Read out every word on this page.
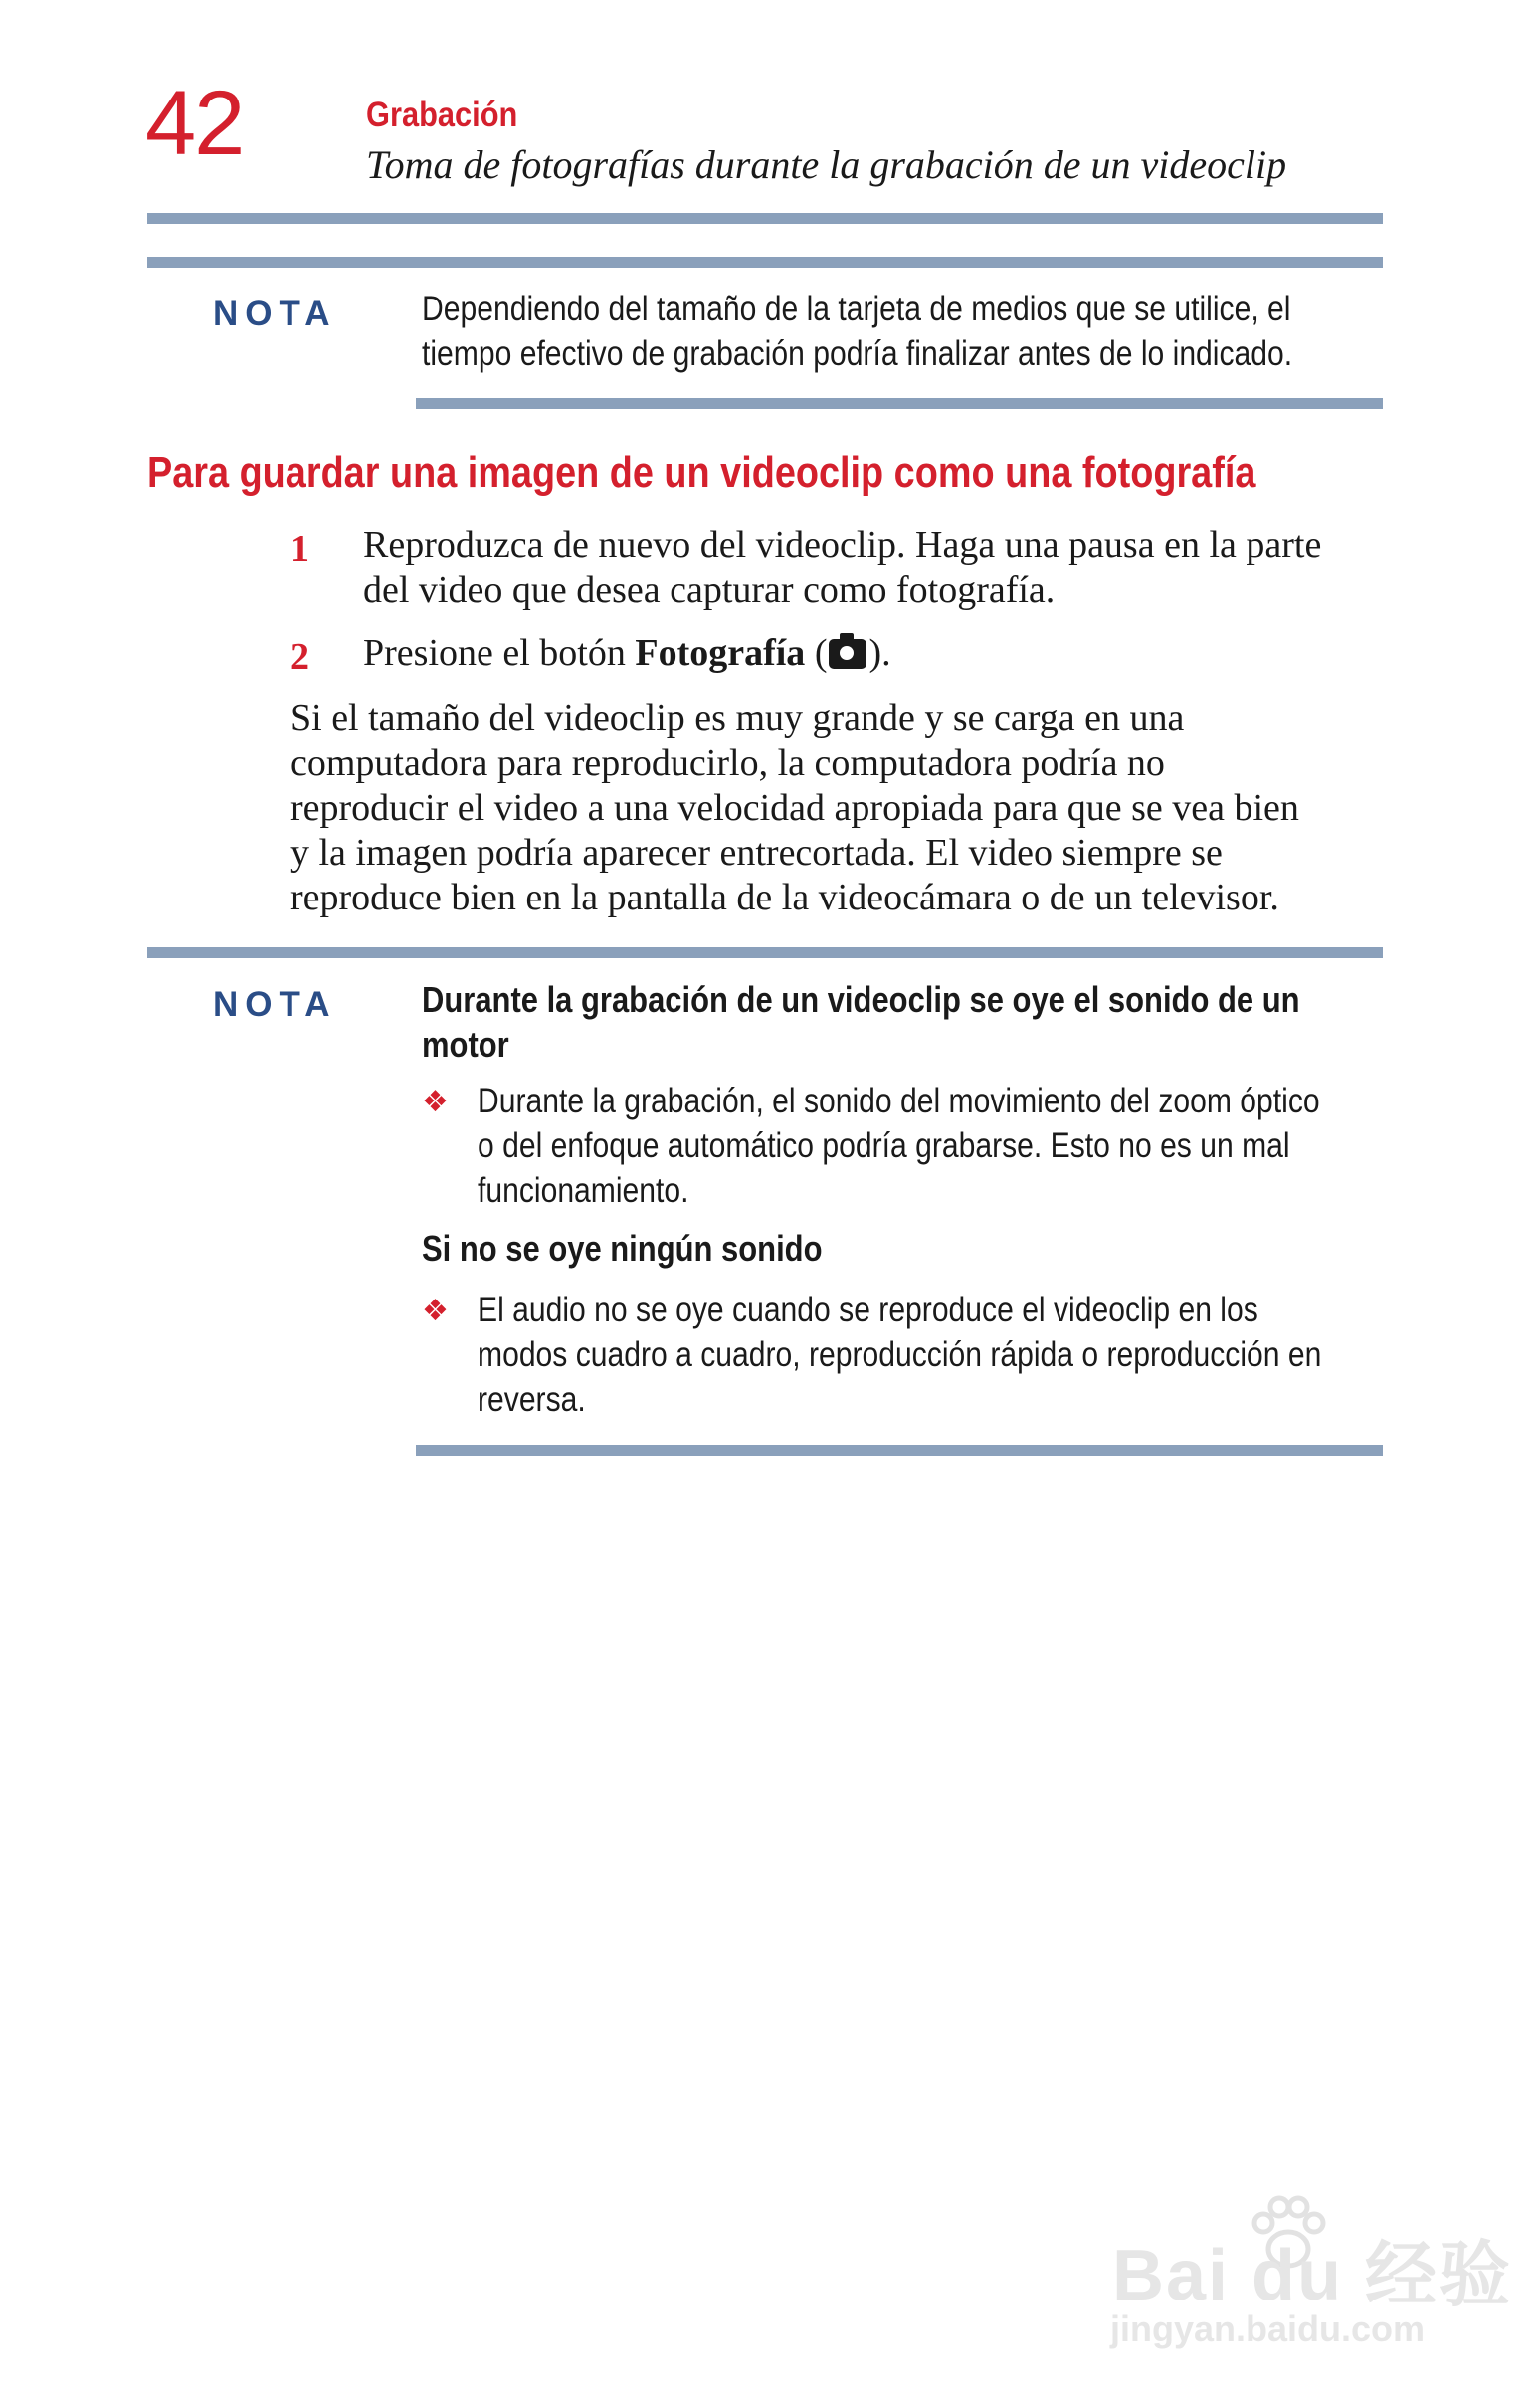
42	Grabación
Toma de fotografías durante la grabación de un videoclip
NOTA Dependiendo del tamaño de la tarjeta de medios que se utilice, el
tiempo efectivo de grabación podría finalizar antes de lo indicado.
Para guardar una imagen de un videoclip como una fotografía
1 Reproduzca de nuevo del videoclip. Haga una pausa en la parte
del video que desea capturar como fotografía.
2 Presione el botón Fotografía ( ).
Si el tamaño del videoclip es muy grande y se carga en una
computadora para reproducirlo, la computadora podría no
reproducir el video a una velocidad apropiada para que se vea bien
y la imagen podría aparecer entrecortada. El video siempre se
reproduce bien en la pantalla de la videocámara o de un televisor.
NOTA Durante la grabación de un videoclip se oye el sonido de un
motor
❖ Durante la grabación, el sonido del movimiento del zoom óptico
o del enfoque automático podría grabarse. Esto no es un mal
funcionamiento.
Si no se oye ningún sonido
❖ El audio no se oye cuando se reproduce el videoclip en los
modos cuadro a cuadro, reproducción rápida o reproducción en
reversa.
Bai du 经验
jingyan.baidu.com
